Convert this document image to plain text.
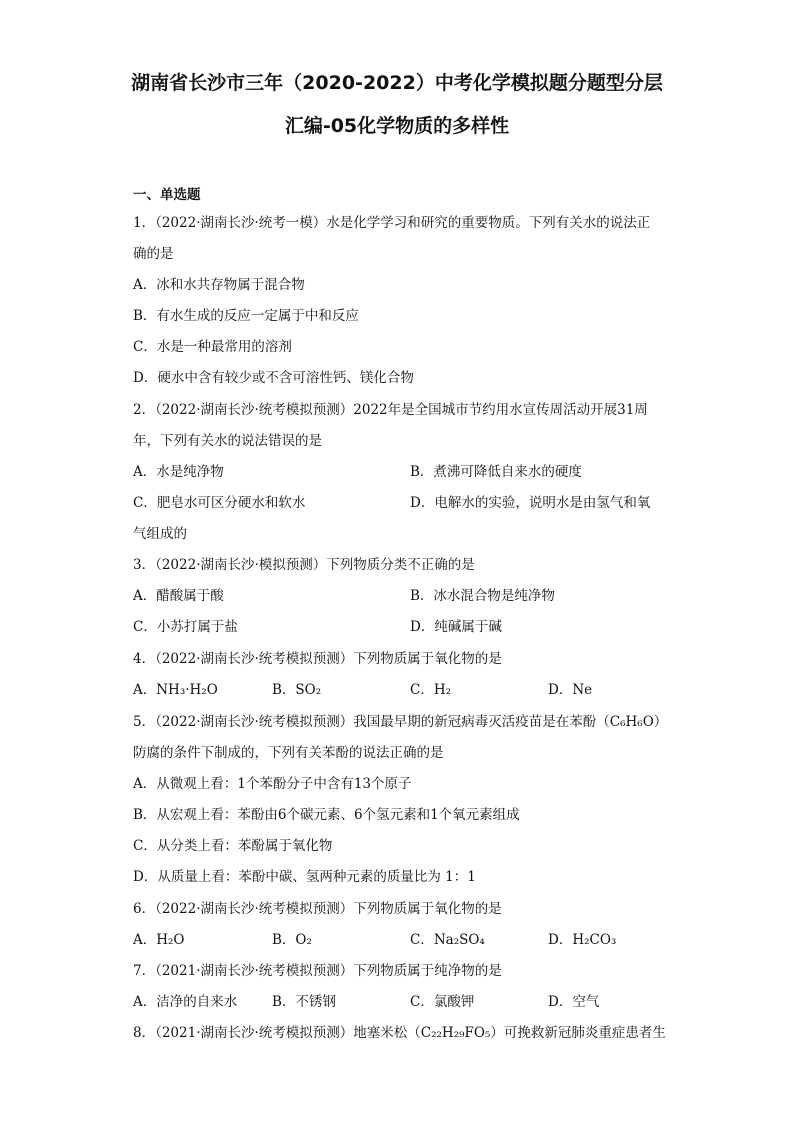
湖南省长沙市三年（2020-2022）中考化学模拟题分题型分层
汇编-05化学物质的多样性
一、单选题
1．（2022·湖南长沙·统考一模）水是化学学习和研究的重要物质。下列有关水的说法正
确的是
A．冰和水共存物属于混合物
B．有水生成的反应一定属于中和反应
C．水是一种最常用的溶剂
D．硬水中含有较少或不含可溶性钙、镁化合物
2．（2022·湖南长沙·统考模拟预测）2022年是全国城市节约用水宣传周活动开展31周
年，下列有关水的说法错误的是
A．水是纯净物	B．煮沸可降低自来水的硬度
C．肥皂水可区分硬水和软水	D．电解水的实验，说明水是由氢气和氧
气组成的
3．（2022·湖南长沙·模拟预测）下列物质分类不正确的是
A．醋酸属于酸	B．冰水混合物是纯净物
C．小苏打属于盐	D．纯碱属于碱
4．（2022·湖南长沙·统考模拟预测）下列物质属于氧化物的是
A．NH₃·H₂O	B．SO₂	C．H₂	D．Ne
5．（2022·湖南长沙·统考模拟预测）我国最早期的新冠病毒灭活疫苗是在苯酚（C₆H₆O）
防腐的条件下制成的，下列有关苯酚的说法正确的是
A．从微观上看：1个苯酚分子中含有13个原子
B．从宏观上看：苯酚由6个碳元素、6个氢元素和1个氧元素组成
C．从分类上看：苯酚属于氧化物
D．从质量上看：苯酚中碳、氢两种元素的质量比为 1：1
6．（2022·湖南长沙·统考模拟预测）下列物质属于氧化物的是
A．H₂O	B．O₂	C．Na₂SO₄	D．H₂CO₃
7．（2021·湖南长沙·统考模拟预测）下列物质属于纯净物的是
A．洁净的自来水	B．不锈钢	C．氯酸钾	D．空气
8．（2021·湖南长沙·统考模拟预测）地塞米松（C₂₂H₂₉FO₅）可挽救新冠肺炎重症患者生
